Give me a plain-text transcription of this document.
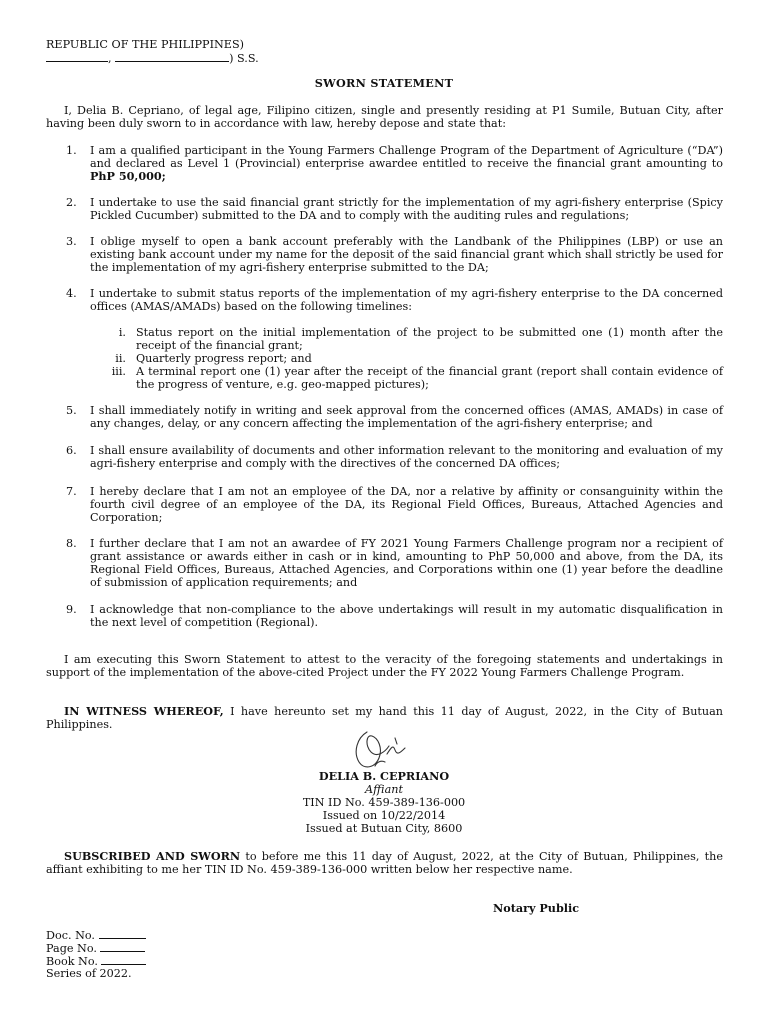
REPUBLIC OF THE PHILIPPINES)
,	) S.S.
SWORN STATEMENT
I, Delia B. Cepriano, of legal age, Filipino citizen, single and presently residing at P1 Sumile, Butuan City, after having been duly sworn to in accordance with law, hereby depose and state that:
1.	I am a qualified participant in the Young Farmers Challenge Program of the Department of Agriculture (“DA”) and declared as Level 1 (Provincial) enterprise awardee entitled to receive the financial grant amounting to PhP 50,000;
2.	I undertake to use the said financial grant strictly for the implementation of my agri-fishery enterprise (Spicy Pickled Cucumber) submitted to the DA and to comply with the auditing rules and regulations;
3.	I oblige myself to open a bank account preferably with the Landbank of the Philippines (LBP) or use an existing bank account under my name for the deposit of the said financial grant which shall strictly be used for the implementation of my agri-fishery enterprise submitted to the DA;
4.	I undertake to submit status reports of the implementation of my agri-fishery enterprise to the DA concerned offices (AMAS/AMADs) based on the following timelines:
i. Status report on the initial implementation of the project to be submitted one (1) month after the receipt of the financial grant;
ii. Quarterly progress report; and
iii. A terminal report one (1) year after the receipt of the financial grant (report shall contain evidence of the progress of venture, e.g. geo-mapped pictures);
5.	I shall immediately notify in writing and seek approval from the concerned offices (AMAS, AMADs) in case of any changes, delay, or any concern affecting the implementation of the agri-fishery enterprise; and
6.	I shall ensure availability of documents and other information relevant to the monitoring and evaluation of my agri-fishery enterprise and comply with the directives of the concerned DA offices;
7.	I hereby declare that I am not an employee of the DA, nor a relative by affinity or consanguinity within the fourth civil degree of an employee of the DA, its Regional Field Offices, Bureaus, Attached Agencies and Corporation;
8.	I further declare that I am not an awardee of FY 2021 Young Farmers Challenge program nor a recipient of grant assistance or awards either in cash or in kind, amounting to PhP 50,000 and above, from the DA, its Regional Field Offices, Bureaus, Attached Agencies, and Corporations within one (1) year before the deadline of submission of application requirements; and
9.	I acknowledge that non-compliance to the above undertakings will result in my automatic disqualification in the next level of competition (Regional).
I am executing this Sworn Statement to attest to the veracity of the foregoing statements and undertakings in support of the implementation of the above-cited Project under the FY 2022 Young Farmers Challenge Program.
IN WITNESS WHEREOF, I have hereunto set my hand this 11 day of August, 2022, in the City of Butuan Philippines.
DELIA B. CEPRIANO
Affiant
TIN ID No. 459-389-136-000
Issued on 10/22/2014
Issued at Butuan City, 8600
SUBSCRIBED AND SWORN to before me this 11 day of August, 2022, at the City of Butuan, Philippines, the affiant exhibiting to me her TIN ID No. 459-389-136-000 written below her respective name.
Notary Public
Doc. No.
Page No.
Book No.
Series of 2022.
